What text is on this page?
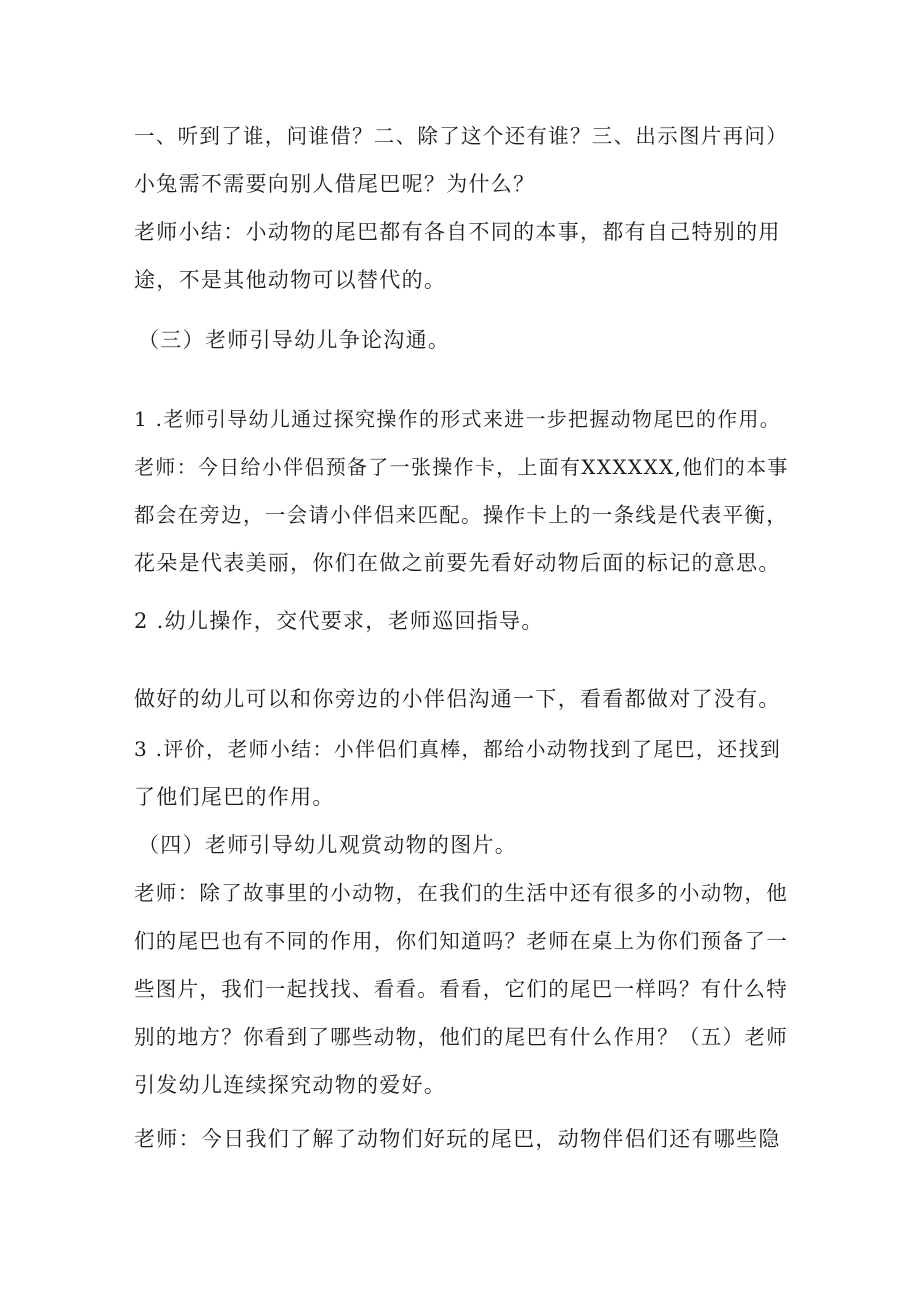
一、听到了谁，问谁借？二、除了这个还有谁？三、出示图片再问）
小兔需不需要向别人借尾巴呢？为什么？
老师小结：小动物的尾巴都有各自不同的本事，都有自己特别的用
途，不是其他动物可以替代的。
（三）老师引导幼儿争论沟通。
1 .老师引导幼儿通过探究操作的形式来进一步把握动物尾巴的作用。
老师：今日给小伴侣预备了一张操作卡，上面有XXXXXX,他们的本事
都会在旁边，一会请小伴侣来匹配。操作卡上的一条线是代表平衡，
花朵是代表美丽，你们在做之前要先看好动物后面的标记的意思。
2 .幼儿操作，交代要求，老师巡回指导。
做好的幼儿可以和你旁边的小伴侣沟通一下，看看都做对了没有。
3 .评价，老师小结：小伴侣们真棒，都给小动物找到了尾巴，还找到
了他们尾巴的作用。
（四）老师引导幼儿观赏动物的图片。
老师：除了故事里的小动物，在我们的生活中还有很多的小动物，他
们的尾巴也有不同的作用，你们知道吗？老师在桌上为你们预备了一
些图片，我们一起找找、看看。看看，它们的尾巴一样吗？有什么特
别的地方？你看到了哪些动物，他们的尾巴有什么作用？（五）老师
引发幼儿连续探究动物的爱好。
老师：今日我们了解了动物们好玩的尾巴，动物伴侣们还有哪些隐
